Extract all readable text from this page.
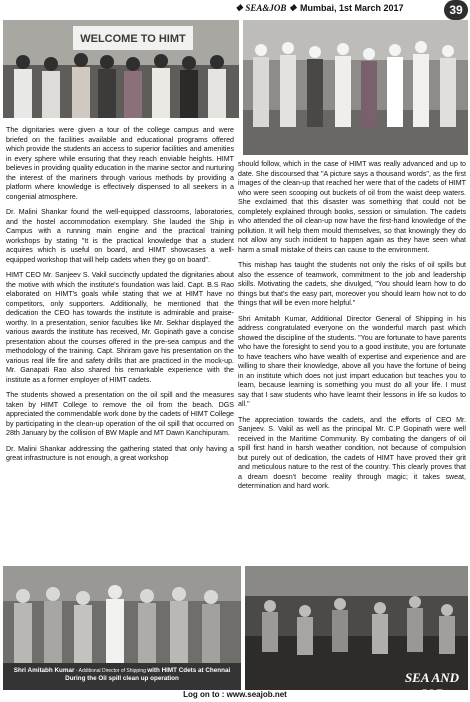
❖ SEA&JOB ❖ Mumbai, 1st March 2017	39
WELCOME TO HIMT

The dignitaries were given a tour of the college campus and were briefed on the facilities available and educational programs offered which provide the students an access to superior facilities and amenities in every sphere while ensuring that they reach enviable heights. HIMT believes in providing quality education in the marine sector and nurturing the interest of the mariners through various methods by providing a platform where knowledge is effectively dispensed to all seekers in a congenial atmosphere.

Dr. Malini Shankar found the well-equipped classrooms, laboratories, and the hostel accommodation exemplary. She lauded the Ship in Campus with a running main engine and the practical training workshops by stating "It is the practical knowledge that a student acquires which is useful on board, and HIMT showcases a well-equipped workshop that will help cadets when they go on board".

HIMT CEO Mr. Sanjeev S. Vakil succinctly updated the dignitaries about the motive with which the institute's foundation was laid. Capt. B.S Rao elaborated on HIMT's goals while stating that we at HIMT have no competitors, only supporters. Additionally, he mentioned that the dedication the CEO has towards the institute is admirable and praise-worthy. In a presentation, senior faculties like Mr. Sekhar displayed the various awards the institute has received, Mr. Gopinath gave a concise presentation about the courses offered in the pre-sea campus and the methodology of the training. Capt. Shriram gave his presentation on the various real life fire and safety drills that are practiced in the mock-up. Mr. Ganapati Rao also shared his remarkable experience with the institute as a former employer of HIMT cadets.

The students showed a presentation on the oil spill and the measures taken by HIMT College to remove the oil from the beach. DGS appreciated the commendable work done by the cadets of HIMT College by participating in the clean-up operation of the oil spill that occurred on 28th January by the collision of BW Maple and MT Dawn Kanchipuram.

Dr. Malini Shankar addressing the gathering stated that only having a great infrastructure is not enough, a great workshop

should follow, which in the case of HIMT was really advanced and up to date. She discoursed that "A picture says a thousand words", as the first images of the clean-up that reached her were that of the cadets of HIMT who were seen scooping out buckets of oil from the waist deep waters. She exclaimed that this disaster was something that could not be completely explained through books, session or simulation. The cadets who attended the oil clean-up now have the first-hand knowledge of the pollution. It will help them mould themselves, so that knowingly they do not allow any such incident to happen again as they have seen what harm a small mistake of theirs can cause to the environment.

This mishap has taught the students not only the risks of oil spills but also the essence of teamwork, commitment to the job and leadership skills. Motivating the cadets, she divulged, "You should learn how to do things but that's the easy part, moreover you should learn how not to do things that will be even more helpful."

Shri Amitabh Kumar, Additional Director General of Shipping in his address congratulated everyone on the wonderful march past which showed the discipline of the students. "You are fortunate to have parents who have the foresight to send you to a good institute, you are fortunate to have teachers who have wealth of expertise and experience and are willing to share their knowledge, above all you have the fortune of being in an institute which does not just impart education but teaches you to learn, because learning is something you must do all your life. I must say that I saw students who have learnt their lessons in life so kudos to all."

The appreciation towards the cadets, and the efforts of CEO Mr. Sanjeev. S. Vakil as well as the principal Mr. C.P Gopinath were well received in the Maritime Community. By combating the dangers of oil spill first hand in harsh weather condition, not because of compulsion but purely out of dedication, the cadets of HIMT have proved their grit and meticulous nature to the rest of the country. This clearly proves that a dream doesn't become reality through magic; it takes sweat, determination and hard work.

Shri Amitabh Kumar - Additional Director of Shipping with HIMT Cdets at Chennai
During the Oil spill clean up operation	SEA AND JOB
Log on to : www.seajob.net
